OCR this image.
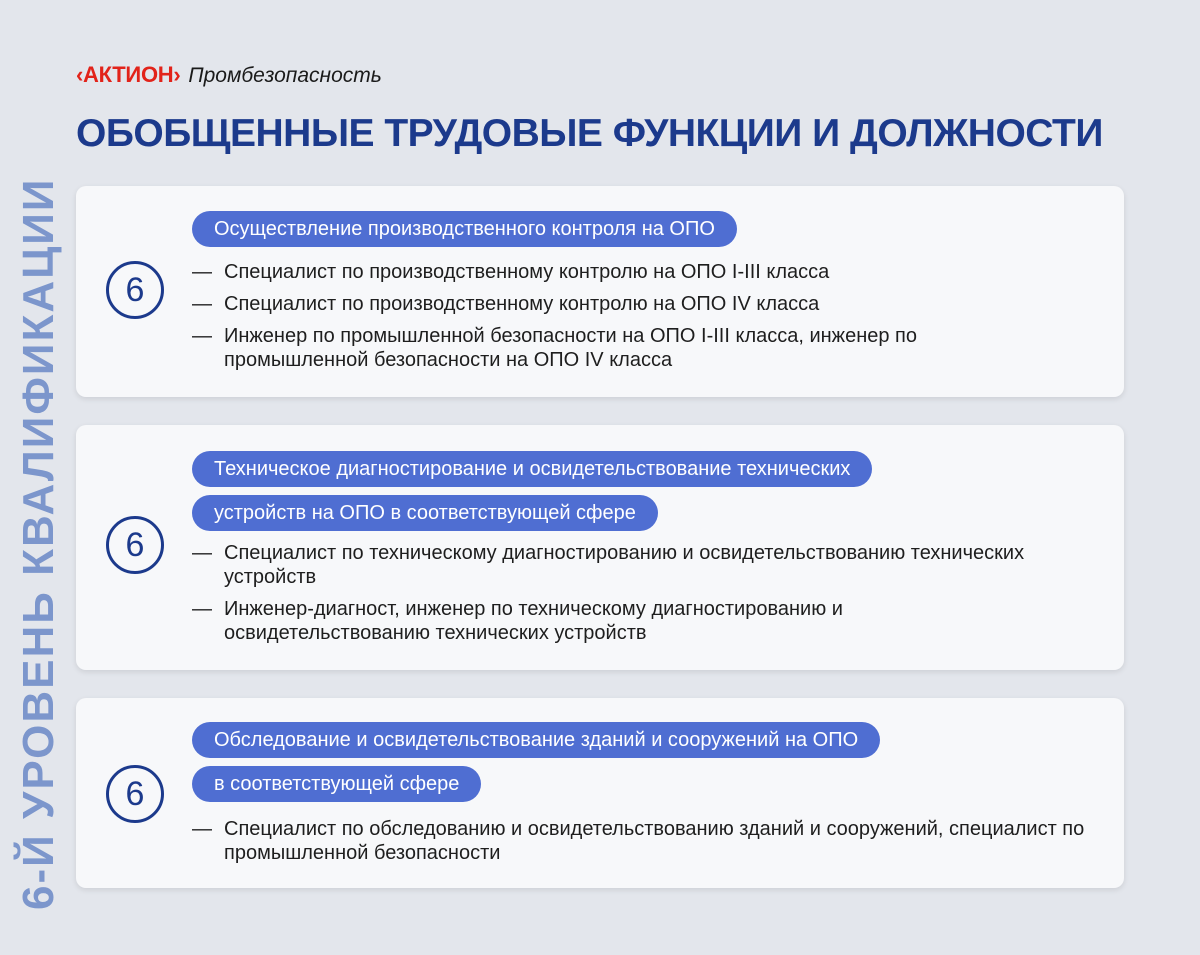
‹АКТИОН› Промбезопасность
ОБОБЩЕННЫЕ ТРУДОВЫЕ ФУНКЦИИ И ДОЛЖНОСТИ
6-Й УРОВЕНЬ КВАЛИФИКАЦИИ	6
Осуществление производственного контроля на ОПО
— Специалист по производственному контролю на ОПО I-III класса
— Специалист по производственному контролю на ОПО IV класса
— Инженер по промышленной безопасности на ОПО I-III класса, инженер по промышленной безопасности на ОПО IV класса
6
Техническое диагностирование и освидетельствование технических
устройств на ОПО в соответствующей сфере
— Специалист по техническому диагностированию и освидетельствованию технических устройств
— Инженер-диагност, инженер по техническому диагностированию и освидетельствованию технических устройств
6
Обследование и освидетельствование зданий и сооружений на ОПО
в соответствующей сфере
— Специалист по обследованию и освидетельствованию зданий и сооружений, специалист по промышленной безопасности
